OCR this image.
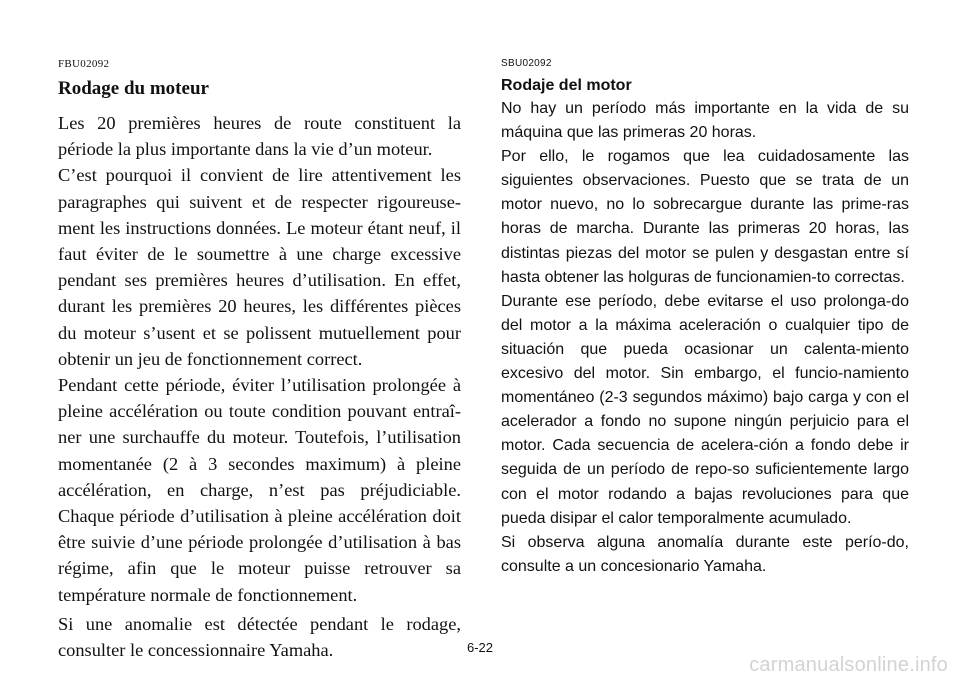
FBU02092
Rodage du moteur

Les 20 premières heures de route constituent la période la plus importante dans la vie d’un moteur.

C’est pourquoi il convient de lire attentivement les paragraphes qui suivent et de respecter rigoureuse-ment les instructions données. Le moteur étant neuf, il faut éviter de le soumettre à une charge excessive pendant ses premières heures d’utilisation. En effet, durant les premières 20 heures, les différentes pièces du moteur s’usent et se polissent mutuellement pour obtenir un jeu de fonctionnement correct.

Pendant cette période, éviter l’utilisation prolongée à pleine accélération ou toute condition pouvant entraî-ner une surchauffe du moteur. Toutefois, l’utilisation momentanée (2 à 3 secondes maximum) à pleine accélération, en charge, n’est pas préjudiciable. Chaque période d’utilisation à pleine accélération doit être suivie d’une période prolongée d’utilisation à bas régime, afin que le moteur puisse retrouver sa température normale de fonctionnement.

Si une anomalie est détectée pendant le rodage, consulter le concessionnaire Yamaha.

SBU02092
Rodaje del motor

No hay un período más importante en la vida de su máquina que las primeras 20 horas.

Por ello, le rogamos que lea cuidadosamente las siguientes observaciones. Puesto que se trata de un motor nuevo, no lo sobrecargue durante las prime-ras horas de marcha. Durante las primeras 20 horas, las distintas piezas del motor se pulen y desgastan entre sí hasta obtener las holguras de funcionamien-to correctas.

Durante ese período, debe evitarse el uso prolonga-do del motor a la máxima aceleración o cualquier tipo de situación que pueda ocasionar un calenta-miento excesivo del motor. Sin embargo, el funcio-namiento momentáneo (2-3 segundos máximo) bajo carga y con el acelerador a fondo no supone ningún perjuicio para el motor. Cada secuencia de acelera-ción a fondo debe ir seguida de un período de repo-so suficientemente largo con el motor rodando a bajas revoluciones para que pueda disipar el calor temporalmente acumulado.

Si observa alguna anomalía durante este perío-do, consulte a un concesionario Yamaha.

6-22
carmanualsonline.info
